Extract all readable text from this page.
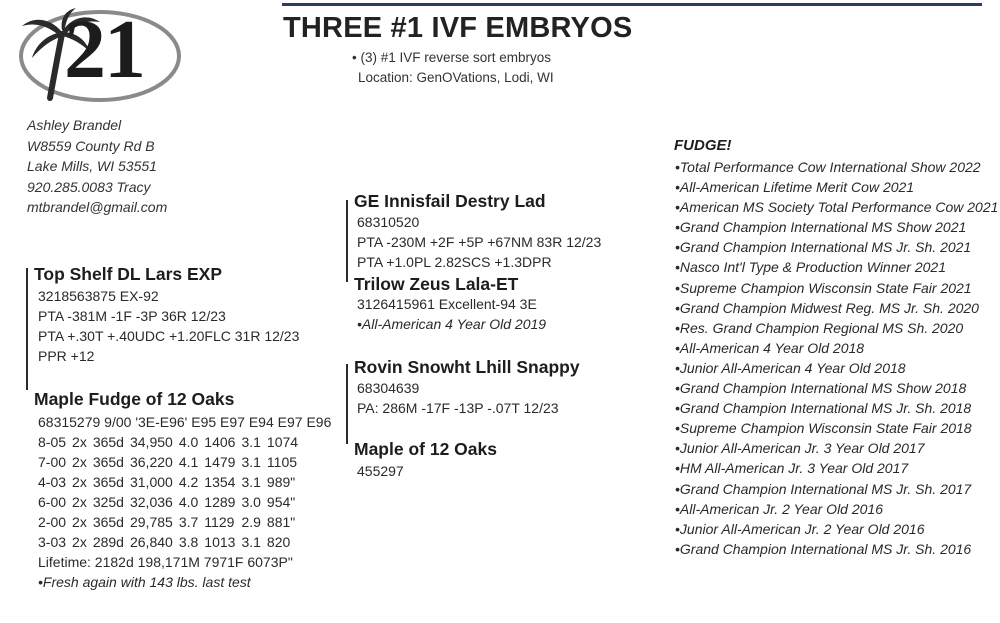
21	THREE #1 IVF EMBRYOS
• (3) #1 IVF reverse sort embryos
Location: GenOVations, Lodi, WI
Ashley Brandel
W8559 County Rd B
Lake Mills, WI 53551
920.285.0083 Tracy
mtbrandel@gmail.com
Top Shelf DL Lars EXP
3218563875 EX-92
PTA -381M -1F -3P 36R 12/23
PTA +.30T +.40UDC +1.20FLC 31R 12/23
PPR +12
Maple Fudge of 12 Oaks
68315279 9/00 '3E-E96' E95 E97 E94 E97 E96
8-05	2x	365d	34,950	4.0	1406	3.1	1074
7-00	2x	365d	36,220	4.1	1479	3.1	1105
4-03	2x	365d	31,000	4.2	1354	3.1	989"
6-00	2x	325d	32,036	4.0	1289	3.0	954"
2-00	2x	365d	29,785	3.7	1129	2.9	881"
3-03	2x	289d	26,840	3.8	1013	3.1	820
Lifetime: 2182d 198,171M 7971F 6073P"
•Fresh again with 143 lbs. last test
GE Innisfail Destry Lad
68310520
PTA -230M +2F +5P +67NM 83R 12/23
PTA +1.0PL 2.82SCS +1.3DPR
Trilow Zeus Lala-ET
3126415961 Excellent-94 3E
•All-American 4 Year Old 2019
Rovin Snowht Lhill Snappy
68304639
PA: 286M -17F -13P -.07T 12/23
Maple of 12 Oaks
455297
FUDGE!
•Total Performance Cow International Show 2022
•All-American Lifetime Merit Cow 2021
•American MS Society Total Performance Cow 2021
•Grand Champion International MS Show 2021
•Grand Champion International MS Jr. Sh. 2021
•Nasco Int'l Type & Production Winner 2021
•Supreme Champion Wisconsin State Fair 2021
•Grand Champion Midwest Reg. MS Jr. Sh. 2020
•Res. Grand Champion Regional MS Sh. 2020
•All-American 4 Year Old 2018
•Junior All-American 4 Year Old 2018
•Grand Champion International MS Show 2018
•Grand Champion International MS Jr. Sh. 2018
•Supreme Champion Wisconsin State Fair 2018
•Junior All-American Jr. 3 Year Old 2017
•HM All-American Jr. 3 Year Old 2017
•Grand Champion International MS Jr. Sh. 2017
•All-American Jr. 2 Year Old 2016
•Junior All-American Jr. 2 Year Old 2016
•Grand Champion International MS Jr. Sh. 2016
